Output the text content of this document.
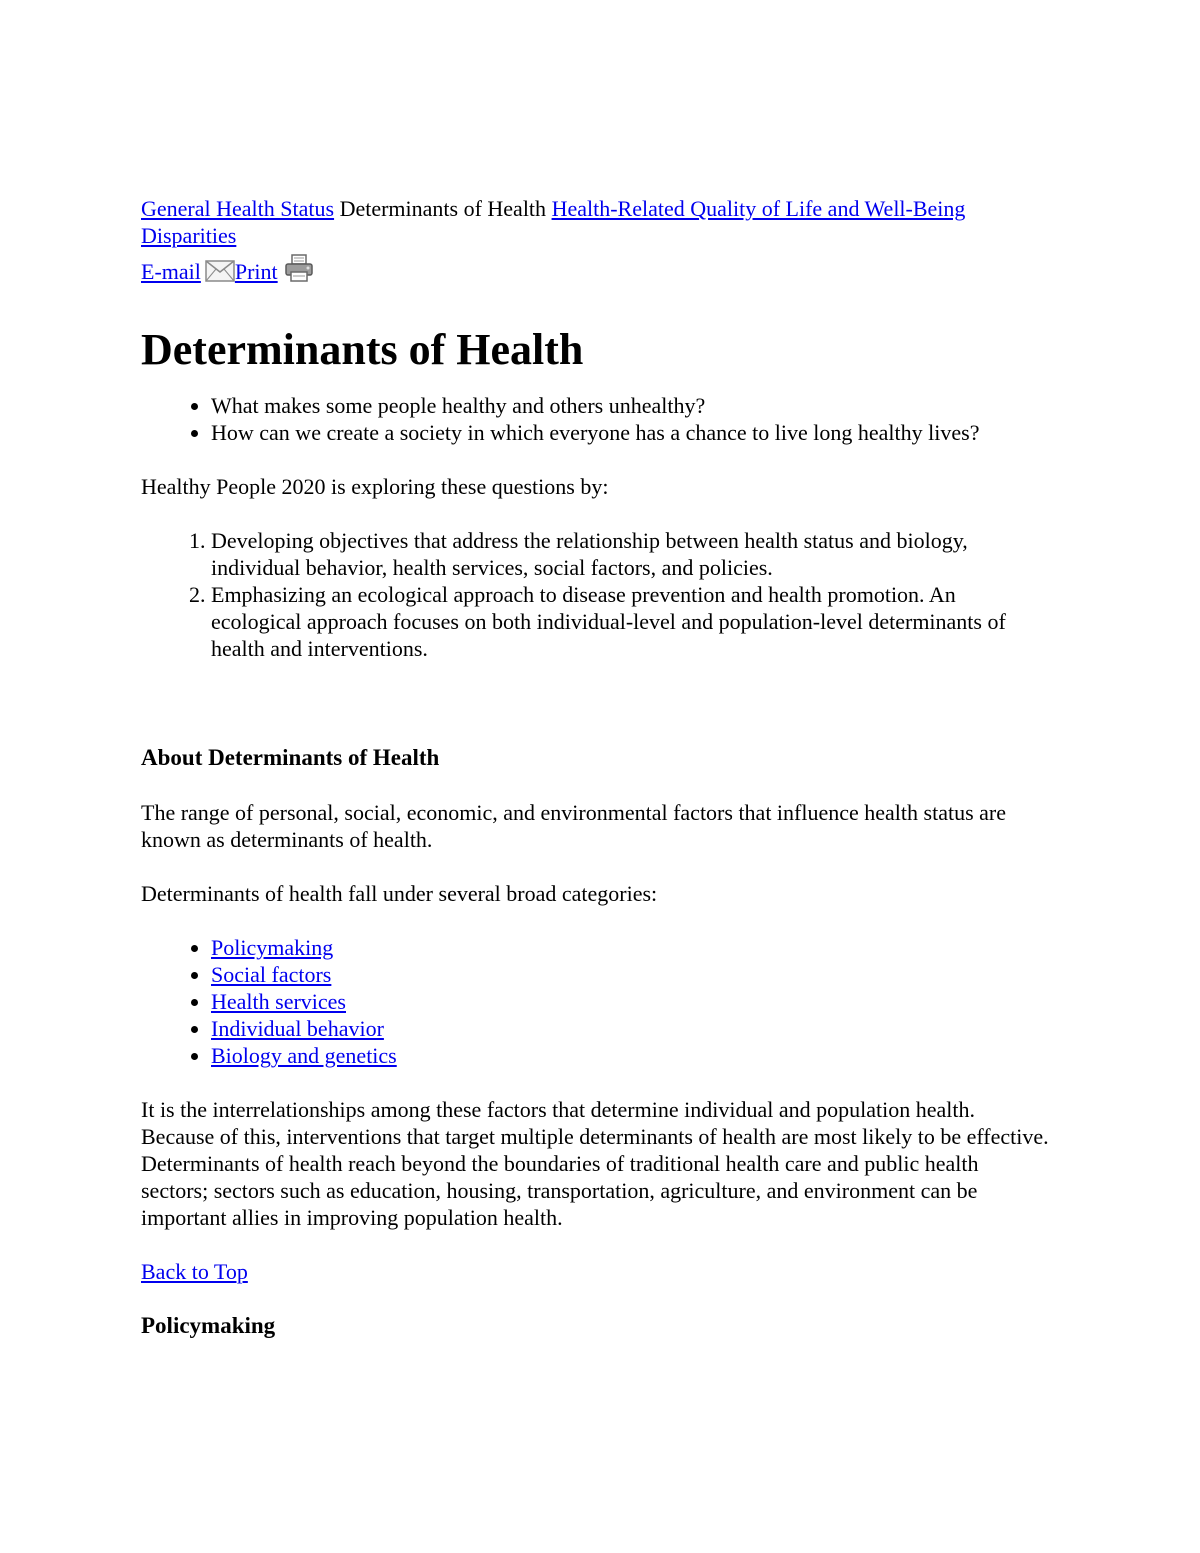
General Health Status Determinants of Health Health-Related Quality of Life and Well-Being
Disparities
E-mail Print
Determinants of Health
• What makes some people healthy and others unhealthy?
• How can we create a society in which everyone has a chance to live long healthy lives?

Healthy People 2020 is exploring these questions by:

1. Developing objectives that address the relationship between health status and biology, individual behavior, health services, social factors, and policies.
2. Emphasizing an ecological approach to disease prevention and health promotion. An ecological approach focuses on both individual-level and population-level determinants of health and interventions.
About Determinants of Health

The range of personal, social, economic, and environmental factors that influence health status are known as determinants of health.

Determinants of health fall under several broad categories:

• Policymaking
• Social factors
• Health services
• Individual behavior
• Biology and genetics

It is the interrelationships among these factors that determine individual and population health. Because of this, interventions that target multiple determinants of health are most likely to be effective. Determinants of health reach beyond the boundaries of traditional health care and public health sectors; sectors such as education, housing, transportation, agriculture, and environment can be important allies in improving population health.

Back to Top

Policymaking
